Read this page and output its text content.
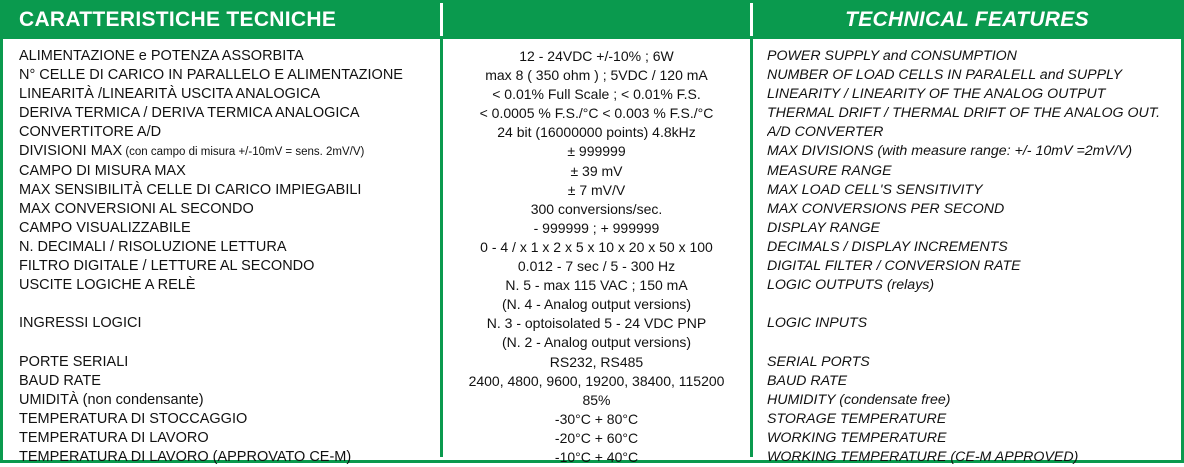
CARATTERISTICHE TECNICHE	TECHNICAL FEATURES
ALIMENTAZIONE e POTENZA ASSORBITA
N° CELLE DI CARICO IN PARALLELO E ALIMENTAZIONE
LINEARITÀ /LINEARITÀ USCITA ANALOGICA
DERIVA TERMICA / DERIVA TERMICA ANALOGICA
CONVERTITORE A/D
DIVISIONI MAX (con campo di misura +/-10mV = sens. 2mV/V)
CAMPO DI MISURA MAX
MAX SENSIBILITÀ CELLE DI CARICO IMPIEGABILI
MAX CONVERSIONI AL SECONDO
CAMPO VISUALIZZABILE
N. DECIMALI / RISOLUZIONE LETTURA
FILTRO DIGITALE / LETTURE AL SECONDO
USCITE LOGICHE A RELÈ
INGRESSI LOGICI
PORTE SERIALI
BAUD RATE
UMIDITÀ (non condensante)
TEMPERATURA DI STOCCAGGIO
TEMPERATURA DI LAVORO
TEMPERATURA DI LAVORO (APPROVATO CE-M)
12 - 24VDC +/-10% ; 6W
max 8 ( 350 ohm ) ; 5VDC / 120 mA
< 0.01% Full Scale ; < 0.01% F.S.
< 0.0005 % F.S./°C < 0.003 % F.S./°C
24 bit (16000000 points) 4.8kHz
± 999999
± 39 mV
± 7 mV/V
300 conversions/sec.
- 999999 ; + 999999
0 - 4 / x 1 x 2 x 5 x 10 x 20 x 50 x 100
0.012 - 7 sec / 5 - 300 Hz
N. 5 - max 115 VAC ; 150 mA
(N. 4 - Analog output versions)
N. 3 - optoisolated 5 - 24 VDC PNP
(N. 2 - Analog output versions)
RS232, RS485
2400, 4800, 9600, 19200, 38400, 115200
85%
-30°C + 80°C
-20°C + 60°C
-10°C + 40°C
POWER SUPPLY and CONSUMPTION
NUMBER OF LOAD CELLS IN PARALELL and SUPPLY
LINEARITY / LINEARITY OF THE ANALOG OUTPUT
THERMAL DRIFT / THERMAL DRIFT OF THE ANALOG OUT.
A/D CONVERTER
MAX DIVISIONS (with measure range: +/- 10mV =2mV/V)
MEASURE RANGE
MAX LOAD CELL'S SENSITIVITY
MAX CONVERSIONS PER SECOND
DISPLAY RANGE
DECIMALS / DISPLAY INCREMENTS
DIGITAL FILTER / CONVERSION RATE
LOGIC OUTPUTS (relays)
LOGIC INPUTS
SERIAL PORTS
BAUD RATE
HUMIDITY (condensate free)
STORAGE TEMPERATURE
WORKING TEMPERATURE
WORKING TEMPERATURE (CE-M APPROVED)
